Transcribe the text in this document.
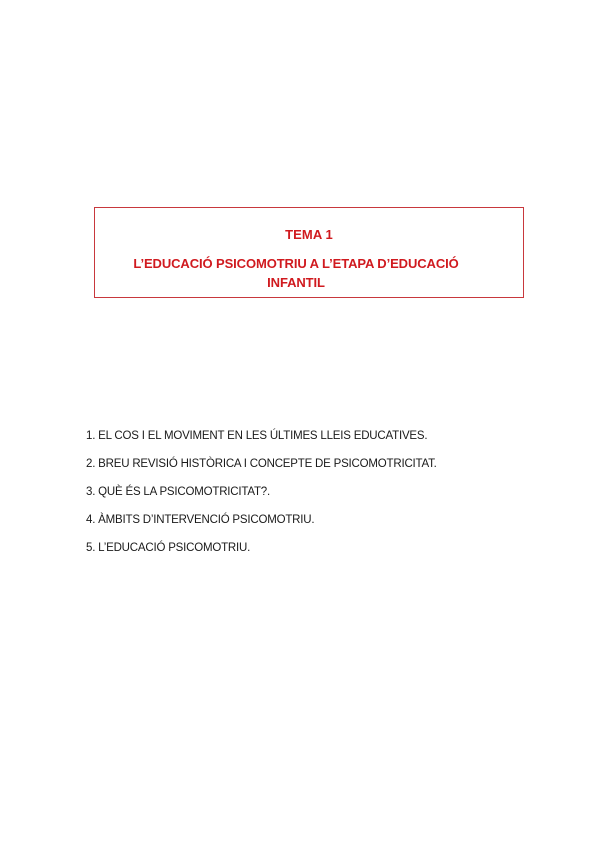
TEMA 1
L’EDUCACIÓ PSICOMOTRIU A L’ETAPA D’EDUCACIÓ INFANTIL
1. EL COS I EL MOVIMENT EN LES ÚLTIMES LLEIS EDUCATIVES.
2. BREU REVISIÓ HISTÒRICA I CONCEPTE DE PSICOMOTRICITAT.
3. QUÈ ÉS LA PSICOMOTRICITAT?.
4. ÀMBITS D’INTERVENCIÓ PSICOMOTRIU.
5. L’EDUCACIÓ PSICOMOTRIU.
